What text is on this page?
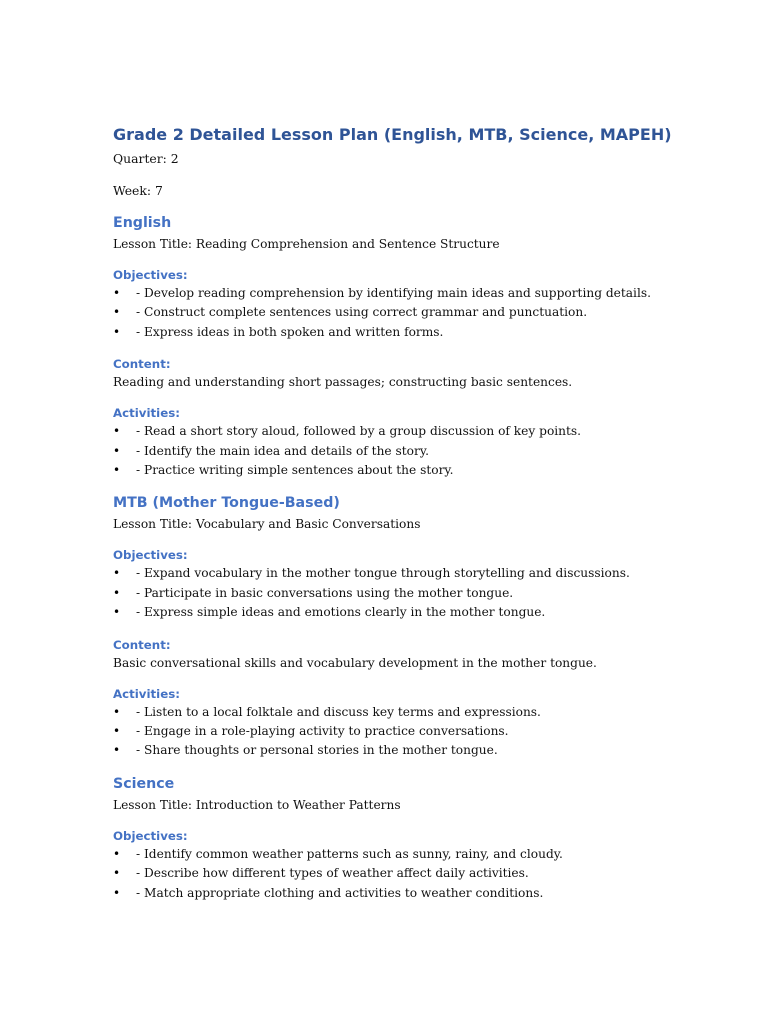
Grade 2 Detailed Lesson Plan (English, MTB, Science, MAPEH)

Quarter: 2

Week: 7

English

Lesson Title: Reading Comprehension and Sentence Structure

Objectives:
• - Develop reading comprehension by identifying main ideas and supporting details.
• - Construct complete sentences using correct grammar and punctuation.
• - Express ideas in both spoken and written forms.
Content:

Reading and understanding short passages; constructing basic sentences.

Activities:
• - Read a short story aloud, followed by a group discussion of key points.
• - Identify the main idea and details of the story.
• - Practice writing simple sentences about the story.
MTB (Mother Tongue-Based)

Lesson Title: Vocabulary and Basic Conversations

Objectives:
• - Expand vocabulary in the mother tongue through storytelling and discussions.
• - Participate in basic conversations using the mother tongue.
• - Express simple ideas and emotions clearly in the mother tongue.
Content:

Basic conversational skills and vocabulary development in the mother tongue.

Activities:
• - Listen to a local folktale and discuss key terms and expressions.
• - Engage in a role-playing activity to practice conversations.
• - Share thoughts or personal stories in the mother tongue.
Science

Lesson Title: Introduction to Weather Patterns

Objectives:
• - Identify common weather patterns such as sunny, rainy, and cloudy.
• - Describe how different types of weather affect daily activities.
• - Match appropriate clothing and activities to weather conditions.
